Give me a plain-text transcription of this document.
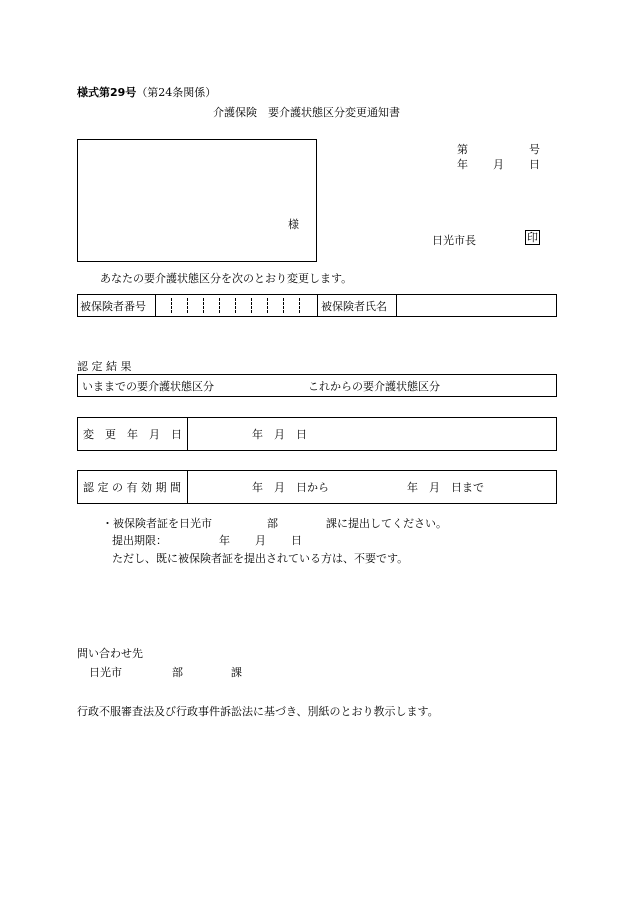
様式第29号（第24条関係）
介護保険　要介護状態区分変更通知書
第	号
年 月 日
様
日光市長	印
あなたの要介護状態区分を次のとおり変更します。
被保険者番号	被保険者氏名
認 定 結 果
いままでの要介護状態区分	これからの要介護状態区分
変　更　年　月　日	年　月　日
認 定 の 有 効 期 間	年　月　日から	年　月　日まで
・被保険者証を日光市	部	課に提出してください。
提出期限：	年 月 日
ただし、既に被保険者証を提出されている方は、不要です。
問い合わせ先
日光市	部	課
行政不服審査法及び行政事件訴訟法に基づき、別紙のとおり教示します。
